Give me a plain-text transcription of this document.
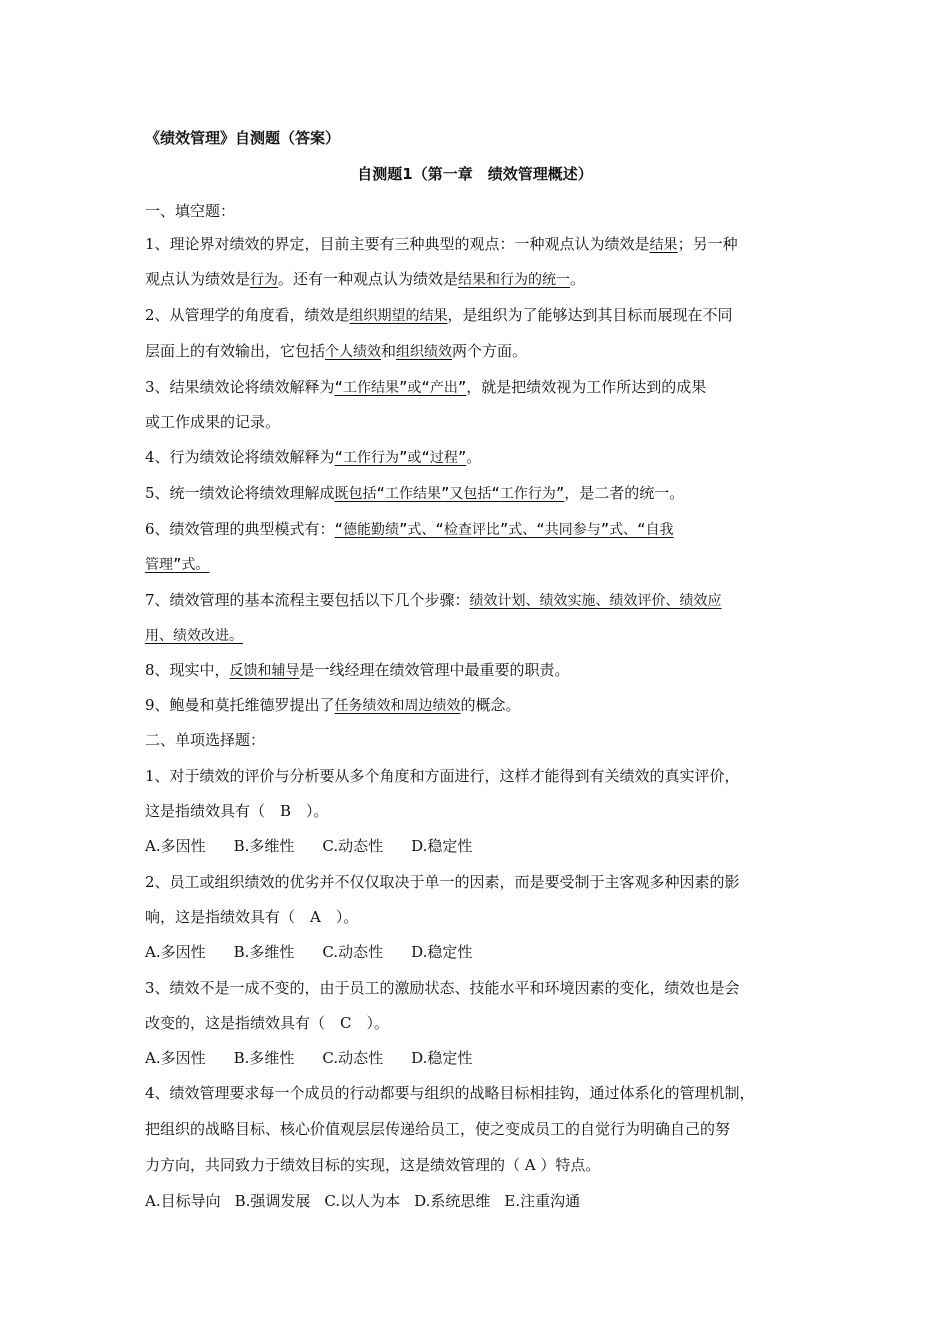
《绩效管理》自测题（答案）
自测题1（第一章　绩效管理概述）
一、填空题：
1、理论界对绩效的界定，目前主要有三种典型的观点：一种观点认为绩效是结果；另一种
观点认为绩效是行为。还有一种观点认为绩效是结果和行为的统一。
2、从管理学的角度看，绩效是组织期望的结果，是组织为了能够达到其目标而展现在不同
层面上的有效输出，它包括个人绩效和组织绩效两个方面。
3、结果绩效论将绩效解释为“工作结果”或“产出”，就是把绩效视为工作所达到的成果
或工作成果的记录。
4、行为绩效论将绩效解释为“工作行为”或“过程”。
5、统一绩效论将绩效理解成既包括“工作结果”又包括“工作行为”，是二者的统一。
6、绩效管理的典型模式有：“德能勤绩”式、“检查评比”式、“共同参与”式、“自我
管理”式。
7、绩效管理的基本流程主要包括以下几个步骤：绩效计划、绩效实施、绩效评价、绩效应
用、绩效改进。
8、现实中，反馈和辅导是一线经理在绩效管理中最重要的职责。
9、鲍曼和莫托维德罗提出了任务绩效和周边绩效的概念。
二、单项选择题：
1、对于绩效的评价与分析要从多个角度和方面进行，这样才能得到有关绩效的真实评价，
这是指绩效具有（　B　）。
A.多因性 B.多维性 C.动态性 D.稳定性
2、员工或组织绩效的优劣并不仅仅取决于单一的因素，而是要受制于主客观多种因素的影
响，这是指绩效具有（　A　）。
A.多因性 B.多维性 C.动态性 D.稳定性
3、绩效不是一成不变的，由于员工的激励状态、技能水平和环境因素的变化，绩效也是会
改变的，这是指绩效具有（　C　）。
A.多因性 B.多维性 C.动态性 D.稳定性
4、绩效管理要求每一个成员的行动都要与组织的战略目标相挂钩，通过体系化的管理机制，
把组织的战略目标、核心价值观层层传递给员工，使之变成员工的自觉行为明确自己的努
力方向，共同致力于绩效目标的实现，这是绩效管理的（ A ）特点。
A.目标导向 B.强调发展 C.以人为本 D.系统思维 E.注重沟通
